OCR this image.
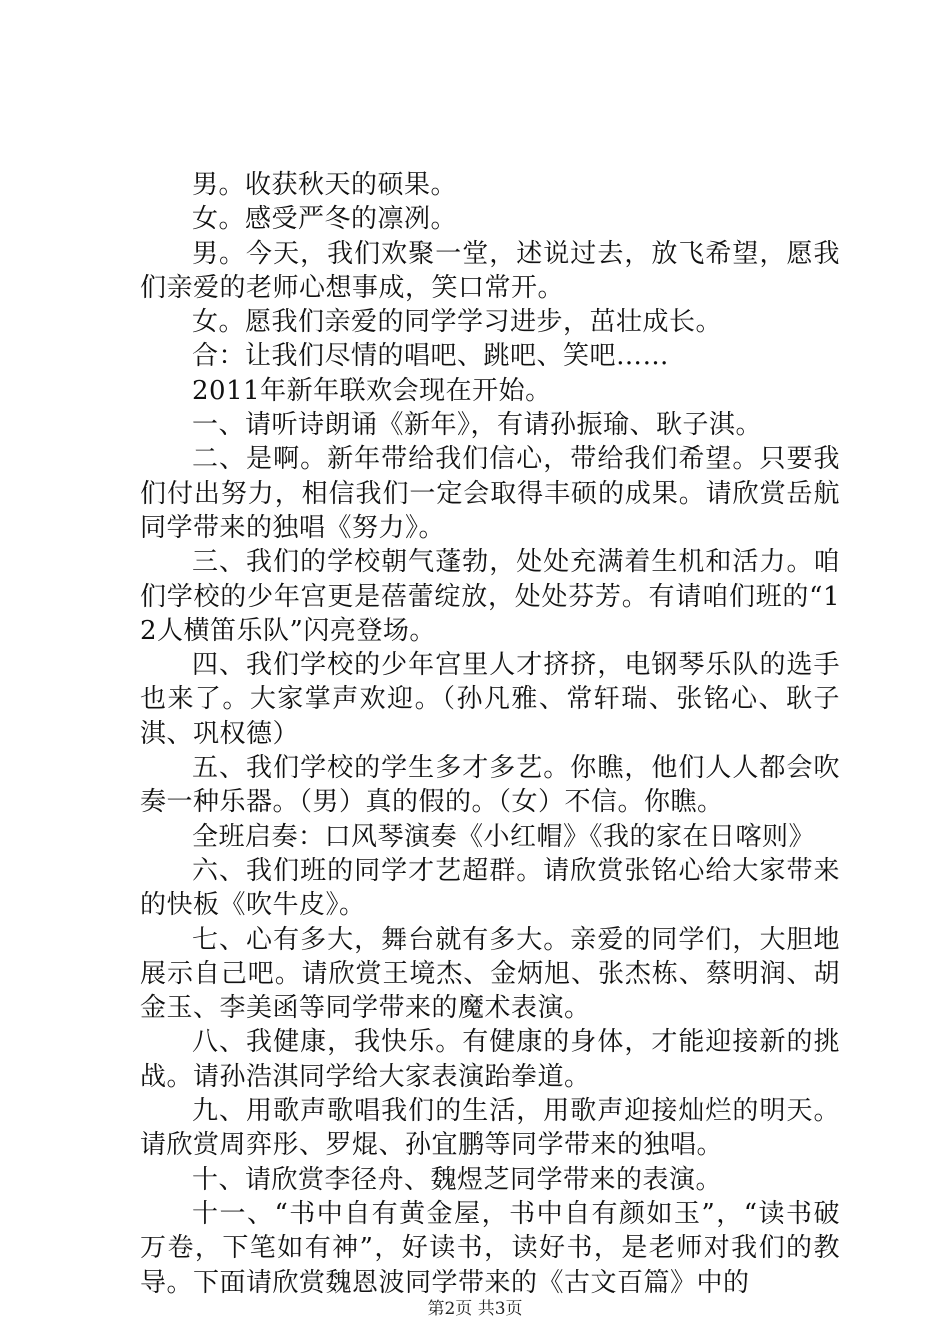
男。收获秋天的硕果。

女。感受严冬的凛冽。

男。今天，我们欢聚一堂，述说过去，放飞希望，愿我们亲爱的老师心想事成，笑口常开。

女。愿我们亲爱的同学学习进步，茁壮成长。

合：让我们尽情的唱吧、跳吧、笑吧……

2011年新年联欢会现在开始。

一、请听诗朗诵《新年》，有请孙振瑜、耿子淇。

二、是啊。新年带给我们信心，带给我们希望。只要我们付出努力，相信我们一定会取得丰硕的成果。请欣赏岳航同学带来的独唱《努力》。

三、我们的学校朝气蓬勃，处处充满着生机和活力。咱们学校的少年宫更是蓓蕾绽放，处处芬芳。有请咱们班的“12人横笛乐队”闪亮登场。

四、我们学校的少年宫里人才挤挤，电钢琴乐队的选手也来了。大家掌声欢迎。（孙凡雅、常轩瑞、张铭心、耿子淇、巩权德）

五、我们学校的学生多才多艺。你瞧，他们人人都会吹奏一种乐器。（男）真的假的。（女）不信。你瞧。

全班启奏：口风琴演奏《小红帽》《我的家在日喀则》

六、我们班的同学才艺超群。请欣赏张铭心给大家带来的快板《吹牛皮》。

七、心有多大，舞台就有多大。亲爱的同学们，大胆地展示自己吧。请欣赏王境杰、金炳旭、张杰栋、蔡明润、胡金玉、李美函等同学带来的魔术表演。

八、我健康，我快乐。有健康的身体，才能迎接新的挑战。请孙浩淇同学给大家表演跆拳道。

九、用歌声歌唱我们的生活，用歌声迎接灿烂的明天。请欣赏周弈彤、罗焜、孙宜鹏等同学带来的独唱。

十、请欣赏李径舟、魏煜芝同学带来的表演。

十一、“书中自有黄金屋，书中自有颜如玉”，“读书破万卷，下笔如有神”，好读书，读好书，是老师对我们的教导。下面请欣赏魏恩波同学带来的《古文百篇》中的

第2页 共3页
